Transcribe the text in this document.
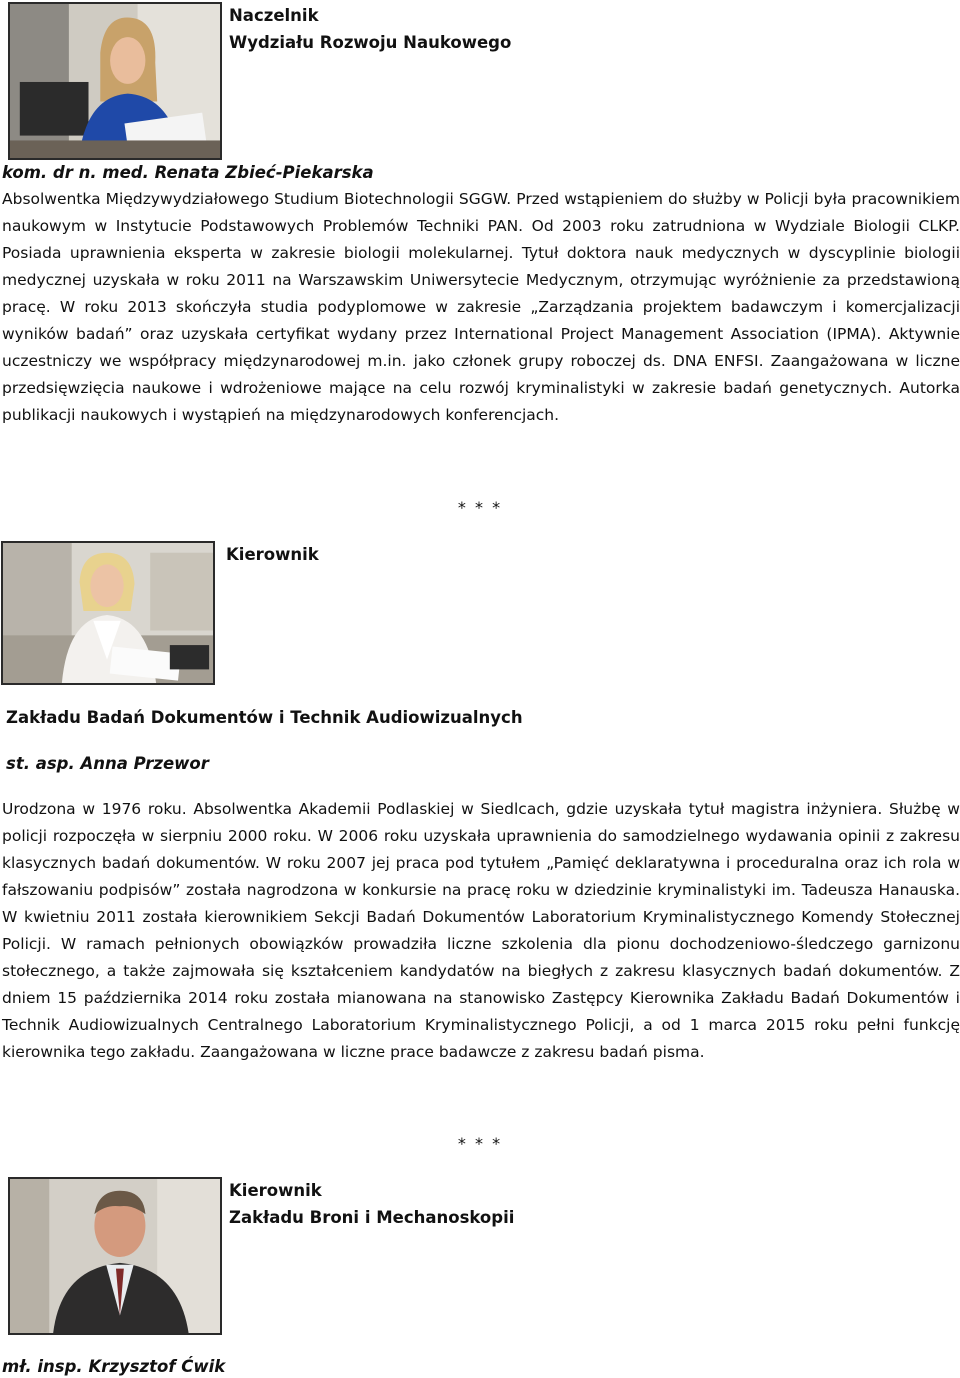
Naczelnik

Wydziału Rozwoju Naukowego

kom. dr n. med. Renata Zbieć-Piekarska

Absolwentka Międzywydziałowego Studium Biotechnologii SGGW. Przed wstąpieniem do służby w Policji była pracownikiem naukowym w Instytucie Podstawowych Problemów Techniki PAN. Od 2003 roku zatrudniona w Wydziale Biologii CLKP. Posiada uprawnienia eksperta w zakresie biologii molekularnej. Tytuł doktora nauk medycznych w dyscyplinie biologii medycznej uzyskała w roku 2011 na Warszawskim Uniwersytecie Medycznym, otrzymując wyróżnienie za przedstawioną pracę. W roku 2013 skończyła studia podyplomowe w zakresie „Zarządzania projektem badawczym i komercjalizacji wyników badań” oraz uzyskała certyfikat wydany przez International Project Management Association (IPMA). Aktywnie uczestniczy we współpracy międzynarodowej m.in. jako członek grupy roboczej ds. DNA ENFSI. Zaangażowana w liczne przedsięwzięcia naukowe i wdrożeniowe mające na celu rozwój kryminalistyki w zakresie badań genetycznych. Autorka publikacji naukowych i wystąpień na międzynarodowych konferencjach.

* * *

Kierownik

Zakładu Badań Dokumentów i Technik Audiowizualnych

st. asp. Anna Przewor

Urodzona w 1976 roku. Absolwentka Akademii Podlaskiej w Siedlcach, gdzie uzyskała tytuł magistra inżyniera. Służbę w policji rozpoczęła w sierpniu 2000 roku. W 2006 roku uzyskała uprawnienia do samodzielnego wydawania opinii z zakresu klasycznych badań dokumentów. W roku 2007 jej praca pod tytułem „Pamięć deklaratywna i proceduralna oraz ich rola w fałszowaniu podpisów” została nagrodzona w konkursie na pracę roku w dziedzinie kryminalistyki im. Tadeusza Hanauska. W kwietniu 2011 została kierownikiem Sekcji Badań Dokumentów Laboratorium Kryminalistycznego Komendy Stołecznej Policji. W ramach pełnionych obowiązków prowadziła liczne szkolenia dla pionu dochodzeniowo-śledczego garnizonu stołecznego, a także zajmowała się kształceniem kandydatów na biegłych z zakresu klasycznych badań dokumentów. Z dniem 15 października 2014 roku została mianowana na stanowisko Zastępcy Kierownika Zakładu Badań Dokumentów i Technik Audiowizualnych Centralnego Laboratorium Kryminalistycznego Policji, a od 1 marca 2015 roku pełni funkcję kierownika tego zakładu. Zaangażowana w liczne prace badawcze z zakresu badań pisma.

* * *

Kierownik

Zakładu Broni i Mechanoskopii

mł. insp. Krzysztof Ćwik
